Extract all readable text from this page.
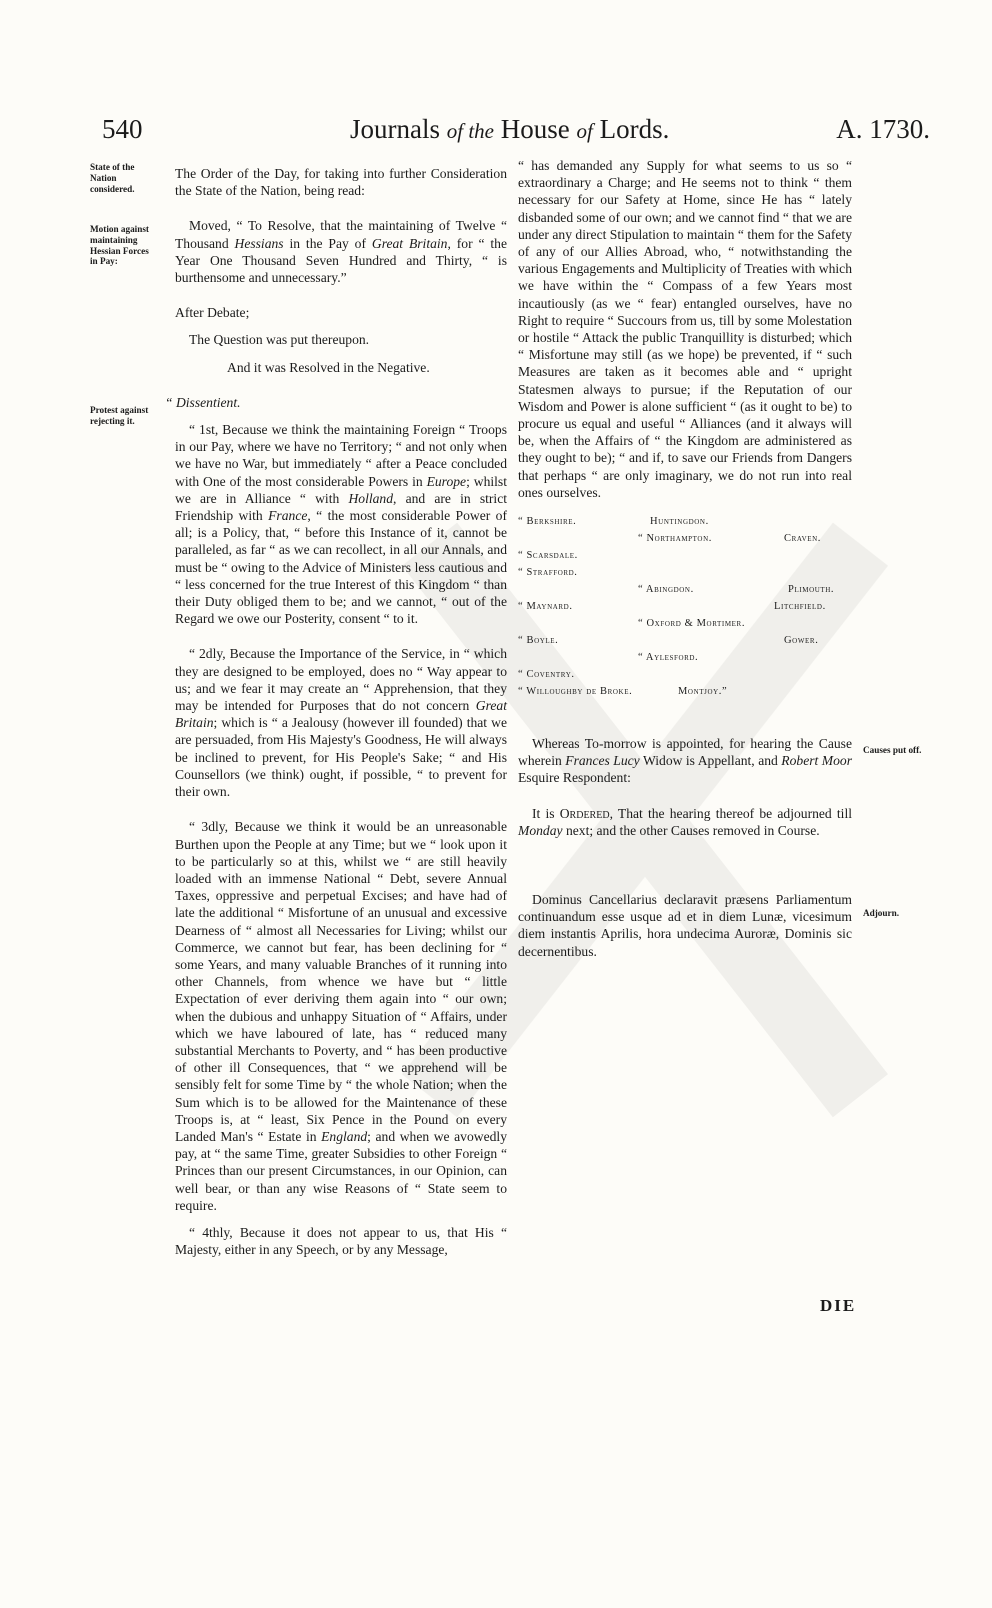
540	Journals of the House of Lords.	A. 1730.
State of the Nation considered.
Motion against maintaining Hessian Forces in Pay:
Protest against rejecting it.
Causes put off.
Adjourn.

The Order of the Day, for taking into further Consideration the State of the Nation, being read:

Moved, “ To Resolve, that the maintaining of Twelve “ Thousand Hessians in the Pay of Great Britain, for “ the Year One Thousand Seven Hundred and Thirty, “ is burthensome and unnecessary.”

After Debate;

The Question was put thereupon.

And it was Resolved in the Negative.

“ Dissentient.

“ 1st, Because we think the maintaining Foreign “ Troops in our Pay, where we have no Territory; “ and not only when we have no War, but immediately “ after a Peace concluded with One of the most considerable Powers in Europe; whilst we are in Alliance “ with Holland, and are in strict Friendship with France, “ the most considerable Power of all; is a Policy, that, “ before this Instance of it, cannot be paralleled, as far “ as we can recollect, in all our Annals, and must be “ owing to the Advice of Ministers less cautious and “ less concerned for the true Interest of this Kingdom “ than their Duty obliged them to be; and we cannot, “ out of the Regard we owe our Posterity, consent “ to it.

“ 2dly, Because the Importance of the Service, in “ which they are designed to be employed, does no “ Way appear to us; and we fear it may create an “ Apprehension, that they may be intended for Purposes that do not concern Great Britain; which is “ a Jealousy (however ill founded) that we are persuaded, from His Majesty's Goodness, He will always be inclined to prevent, for His People's Sake; “ and His Counsellors (we think) ought, if possible, “ to prevent for their own.

“ 3dly, Because we think it would be an unreasonable Burthen upon the People at any Time; but we “ look upon it to be particularly so at this, whilst we “ are still heavily loaded with an immense National “ Debt, severe Annual Taxes, oppressive and perpetual Excises; and have had of late the additional “ Misfortune of an unusual and excessive Dearness of “ almost all Necessaries for Living; whilst our Commerce, we cannot but fear, has been declining for “ some Years, and many valuable Branches of it running into other Channels, from whence we have but “ little Expectation of ever deriving them again into “ our own; when the dubious and unhappy Situation of “ Affairs, under which we have laboured of late, has “ reduced many substantial Merchants to Poverty, and “ has been productive of other ill Consequences, that “ we apprehend will be sensibly felt for some Time by “ the whole Nation; when the Sum which is to be allowed for the Maintenance of these Troops is, at “ least, Six Pence in the Pound on every Landed Man's “ Estate in England; and when we avowedly pay, at “ the same Time, greater Subsidies to other Foreign “ Princes than our present Circumstances, in our Opinion, can well bear, or than any wise Reasons of “ State seem to require.

“ 4thly, Because it does not appear to us, that His “ Majesty, either in any Speech, or by any Message,

“ has demanded any Supply for what seems to us so “ extraordinary a Charge; and He seems not to think “ them necessary for our Safety at Home, since He has “ lately disbanded some of our own; and we cannot find “ that we are under any direct Stipulation to maintain “ them for the Safety of any of our Allies Abroad, who, “ notwithstanding the various Engagements and Multiplicity of Treaties with which we have within the “ Compass of a few Years most incautiously (as we “ fear) entangled ourselves, have no Right to require “ Succours from us, till by some Molestation or hostile “ Attack the public Tranquillity is disturbed; which “ Misfortune may still (as we hope) be prevented, if “ such Measures are taken as it becomes able and “ upright Statesmen always to pursue; if the Reputation of our Wisdom and Power is alone sufficient “ (as it ought to be) to procure us equal and useful “ Alliances (and it always will be, when the Affairs of “ the Kingdom are administered as they ought to be); “ and if, to save our Friends from Dangers that perhaps “ are only imaginary, we do not run into real ones ourselves.

“ Berkshire.	Huntingdon.
“ Northampton.	Craven.
“ Scarsdale.
“ Strafford.
“ Abingdon.	Plimouth.
“ Maynard.	Litchfield.
“ Oxford & Mortimer.
“ Boyle.	Gower.
“ Aylesford.
“ Coventry.
“ Willoughby de Broke.	Montjoy.”

Whereas To-morrow is appointed, for hearing the Cause wherein Frances Lucy Widow is Appellant, and Robert Moor Esquire Respondent:

It is Ordered, That the hearing thereof be adjourned till Monday next; and the other Causes removed in Course.

Dominus Cancellarius declaravit præsens Parliamentum continuandum esse usque ad et in diem Lunæ, vicesimum diem instantis Aprilis, hora undecima Auroræ, Dominis sic decernentibus.

DIE
